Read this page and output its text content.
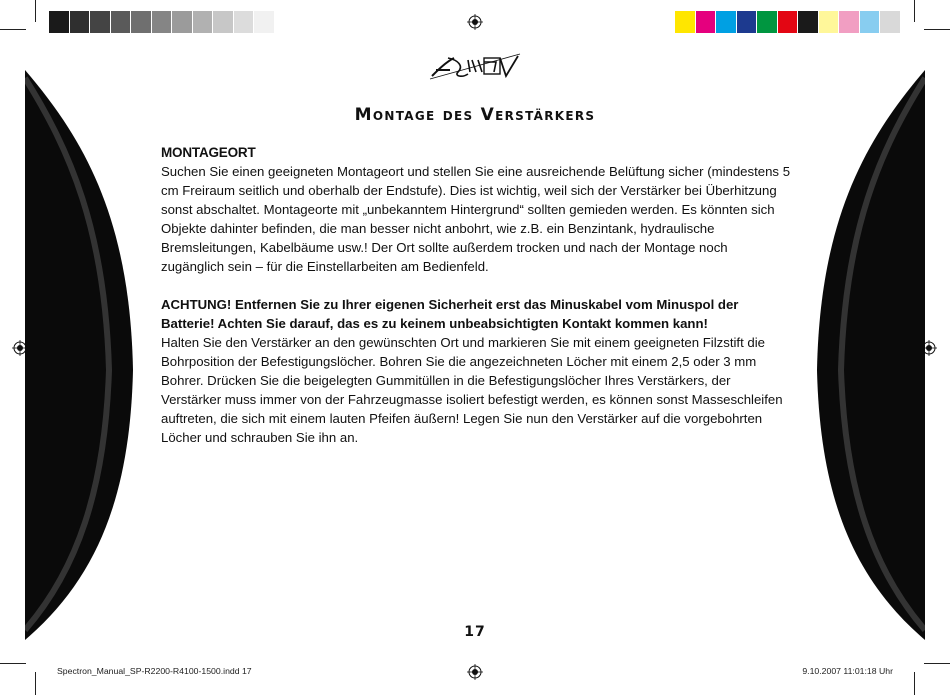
Montage des Verstärkers
MONTAGEORT
Suchen Sie einen geeigneten Montageort und stellen Sie eine ausreichende Belüftung sicher (mindestens 5 cm Freiraum seitlich und oberhalb der Endstufe). Dies ist wichtig, weil sich der Verstärker bei Überhitzung sonst abschaltet. Montageorte mit „unbekanntem Hintergrund“ sollten gemieden werden. Es könnten sich Objekte dahinter befinden, die man besser nicht anbohrt, wie z.B. ein Benzintank, hydraulische Bremsleitungen, Kabelbäume usw.! Der Ort sollte außerdem trocken und nach der Montage noch zugänglich sein – für die Einstellarbeiten am Bedienfeld.
ACHTUNG! Entfernen Sie zu Ihrer eigenen Sicherheit erst das Minuskabel vom Minuspol der Batterie! Achten Sie darauf, das es zu keinem unbeabsichtigten Kontakt kommen kann!
Halten Sie den Verstärker an den gewünschten Ort und markieren Sie mit einem geeigneten Filzstift die Bohrposition der Befestigungslöcher. Bohren Sie die angezeichneten Löcher mit einem 2,5 oder 3 mm Bohrer. Drücken Sie die beigelegten Gummitüllen in die Befestigungslöcher Ihres Verstärkers, der Verstärker muss immer von der Fahrzeugmasse isoliert befestigt werden, es können sonst Masseschleifen auftreten, die sich mit einem lauten Pfeifen äußern! Legen Sie nun den Verstärker auf die vorgebohrten Löcher und schrauben Sie ihn an.
17
Spectron_Manual_SP-R2200-R4100-1500.indd 17	9.10.2007 11:01:18 Uhr
